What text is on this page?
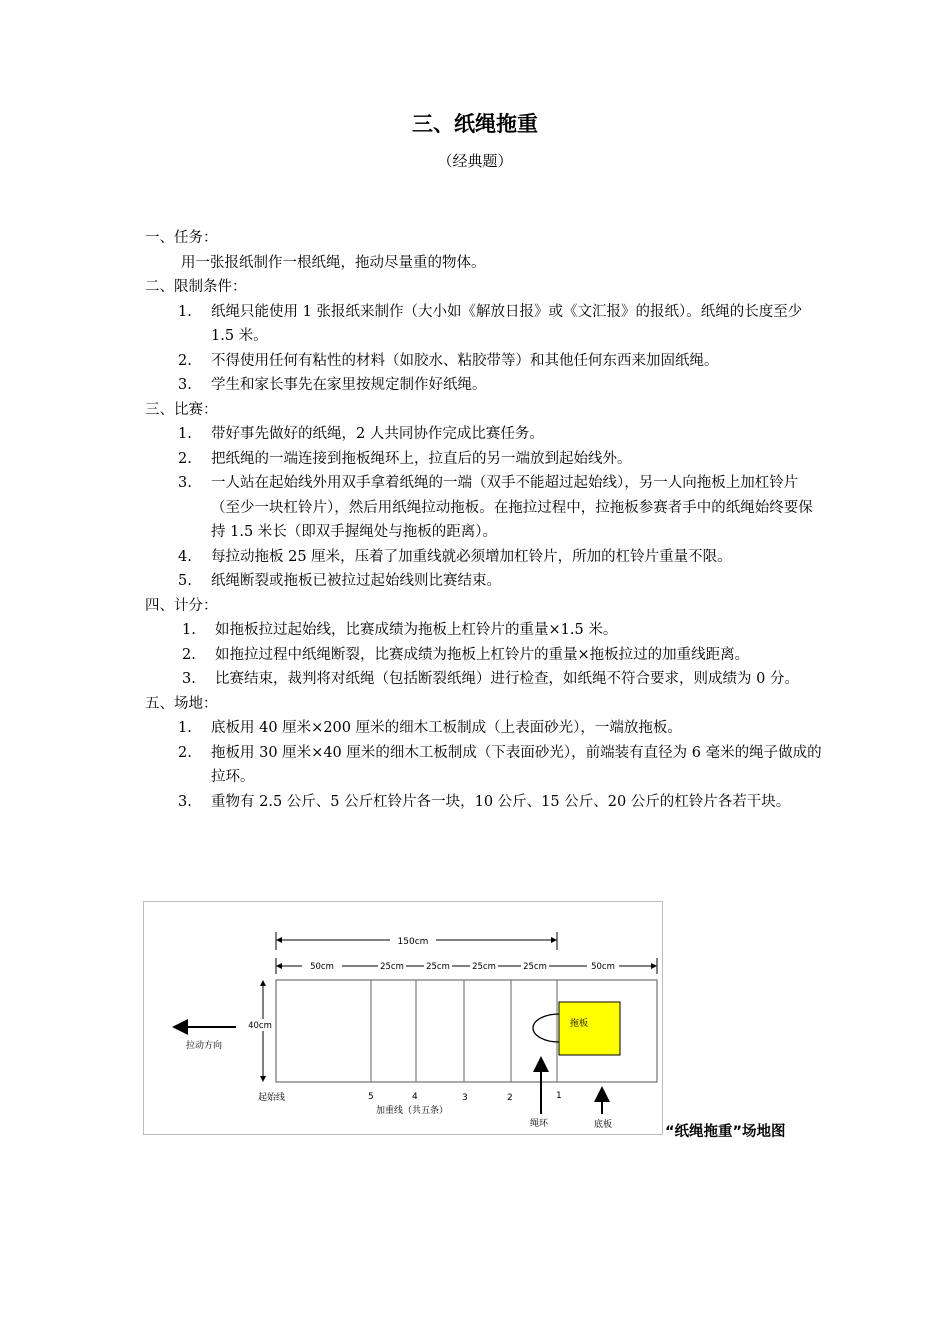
三、纸绳拖重
（经典题）

一、任务：

用一张报纸制作一根纸绳，拖动尽量重的物体。

二、限制条件：

1.	纸绳只能使用 1 张报纸来制作（大小如《解放日报》或《文汇报》的报纸）。纸绳的长度至少 1.5 米。
2.	不得使用任何有粘性的材料（如胶水、粘胶带等）和其他任何东西来加固纸绳。
3.	学生和家长事先在家里按规定制作好纸绳。

三、比赛：

1.	带好事先做好的纸绳，2 人共同协作完成比赛任务。
2.	把纸绳的一端连接到拖板绳环上，拉直后的另一端放到起始线外。
3.	一人站在起始线外用双手拿着纸绳的一端（双手不能超过起始线），另一人向拖板上加杠铃片（至少一块杠铃片），然后用纸绳拉动拖板。在拖拉过程中，拉拖板参赛者手中的纸绳始终要保持 1.5 米长（即双手握绳处与拖板的距离）。
4.	每拉动拖板 25 厘米，压着了加重线就必须增加杠铃片，所加的杠铃片重量不限。
5.	纸绳断裂或拖板已被拉过起始线则比赛结束。

四、计分：

1.	如拖板拉过起始线，比赛成绩为拖板上杠铃片的重量×1.5 米。
2.	如拖拉过程中纸绳断裂，比赛成绩为拖板上杠铃片的重量×拖板拉过的加重线距离。
3.	比赛结束，裁判将对纸绳（包括断裂纸绳）进行检查，如纸绳不符合要求，则成绩为 0 分。

五、场地：

1.	底板用 40 厘米×200 厘米的细木工板制成（上表面砂光），一端放拖板。
2.	拖板用 30 厘米×40 厘米的细木工板制成（下表面砂光），前端装有直径为 6 毫米的绳子做成的拉环。
3.	重物有 2.5 公斤、5 公斤杠铃片各一块，10 公斤、15 公斤、20 公斤的杠铃片各若干块。
150cm
50cm	25cm	25cm	25cm	25cm	50cm
40cm	拖板
拉动方向
起始线	5	4	3	2	1
加重线（共五条）
绳环	底板	“纸绳拖重”场地图
